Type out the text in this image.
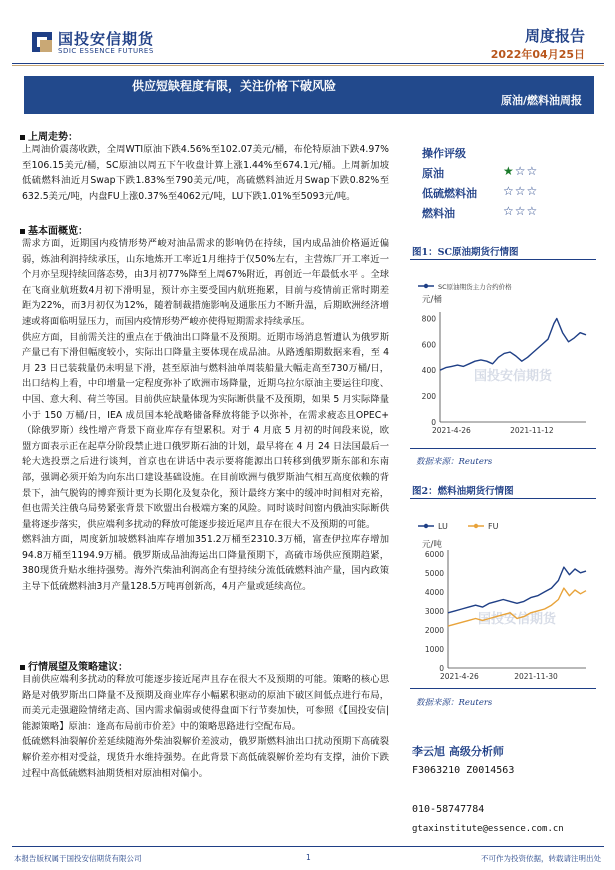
国投安信期货
SDIC ESSENCE FUTURES
周度报告
2022年04月25日
供应短缺程度有限，关注价格下破风险
原油/燃料油周报
上周走势：

上周油价震荡收跌，全周WTI原油下跌4.56%至102.07美元/桶，布伦特原油下跌4.97%至106.15美元/桶，SC原油以周五下午收盘计算上涨1.44%至674.1元/桶。上周新加坡低硫燃料油近月Swap下跌1.83%至790美元/吨，高硫燃料油近月Swap下跌0.82%至632.5美元/吨，内盘FU上涨0.37%至4062元/吨，LU下跌1.01%至5093元/吨。

基本面概览：

需求方面，近期国内疫情形势严峻对油品需求的影响仍在持续，国内成品油价格逼近偏弱，炼油利润持续承压，山东地炼开工率近1月维持于仅50%左右，主营炼厂开工率近一个月亦呈现持续回落态势，由3月初77%降至上周67%附近，再创近一年最低水平 。全球在飞商业航班数4月初下滑明显，预计亦主要受国内航班拖累，目前与疫情前正常时期差距为22%，而3月初仅为12%，随着制裁措施影响及通胀压力不断升温，后期欧洲经济增速或将面临明显压力，而国内疫情形势严峻亦使得短期需求持续承压。

供应方面，目前需关注的重点在于俄油出口降量不及预期。近期市场消息暂遭认为俄罗斯产量已有下滑但幅度较小，实际出口降量主要体现在成品油。从路透船期数据来看，至 4 月 23 日已装载量仍未明显下滑，甚至原油与燃料油单周装船量大幅走高至730万桶/日，出口结构上看，中印增量一定程度弥补了欧洲市场降量，近期乌拉尔原油主要运往印度、中国、意大利、荷兰等国。目前供应缺量体现为实际断供量不及预期，如果 5 月实际降量小于 150 万桶/日，IEA 成员国本轮战略储备释放将能予以弥补，在需求疲态且OPEC+（除俄罗斯）线性增产背景下商业库存有望累积。对于 4 月底 5 月初的时间段来说，欧盟方面表示正在起草分阶段禁止进口俄罗斯石油的计划，最早将在 4 月 24 日法国最后一轮大选投票之后进行谈判，首京也在讲话中表示要将能源出口转移到俄罗斯东部和东南部，强调必须开始为向东出口建设基础设施。在目前欧洲与俄罗斯油气相互高度依赖的背景下，油气脱钩的博弈预计更为长期化及复杂化，预计最终方案中的缓冲时间相对充裕，但也需关注俄乌局势紧张背景下欧盟出台极端方案的风险。同时谈时间窗内俄油实际断供量将逐步落实，供应端利多扰动的释放可能逐步接近尾声且存在很大不及预期的可能。

燃料油方面，周度新加坡燃料油库存增加351.2万桶至2310.3万桶，富查伊拉库存增加94.8万桶至1194.9万桶。俄罗斯成品油海运出口降量预期下，高硫市场供应预期趋紧，380现货升贴水维持强势。海外汽柴油利润高企有望持续分流低硫燃料油产量，国内政策主导下低硫燃料油3月产量128.5万吨再创新高，4月产量或延续高位。

行情展望及策略建议：

目前供应端利多扰动的释放可能逐步接近尾声且存在很大不及预期的可能。策略的核心思路是对俄罗斯出口降量不及预期及商业库存小幅累积驱动的原油下破区间低点进行布局，而美元走强避险情绪走高、国内需求偏弱或使得盘面下行节奏加快，可参照《【国投安信|能源策略】原油：逢高布局前市价差》中的策略思路进行空配布局。

低硫燃料油裂解价差延续随海外柴油裂解价差波动，俄罗斯燃料油出口扰动预期下高硫裂解价差亦相对受益，现货升水维持强势。在此背景下高低硫裂解价差均有支撑，油价下跌过程中高低硫燃料油期货相对原油相对偏小。

操作评级
原油	★☆☆
低硫燃料油 ☆☆☆
燃料油	☆☆☆
图1：SC原油期货行情图
国投安信期货
SC原油期货主力合约价格
元/桶
0
200
400
600
800
2021-4-26	2021-11-12
数据来源：Reuters
图2：燃料油期货行情图
国投安信期货
LU	FU
元/吨
0
1000
2000
3000
4000
5000
6000
2021-4-26	2021-11-30
数据来源：Reuters
李云旭 高级分析师
F3063210 Z0014563
010-58747784
gtaxinstitute@essence.com.cn
本报告版权属于国投安信期货有限公司	1	不可作为投资依据，转载请注明出处
